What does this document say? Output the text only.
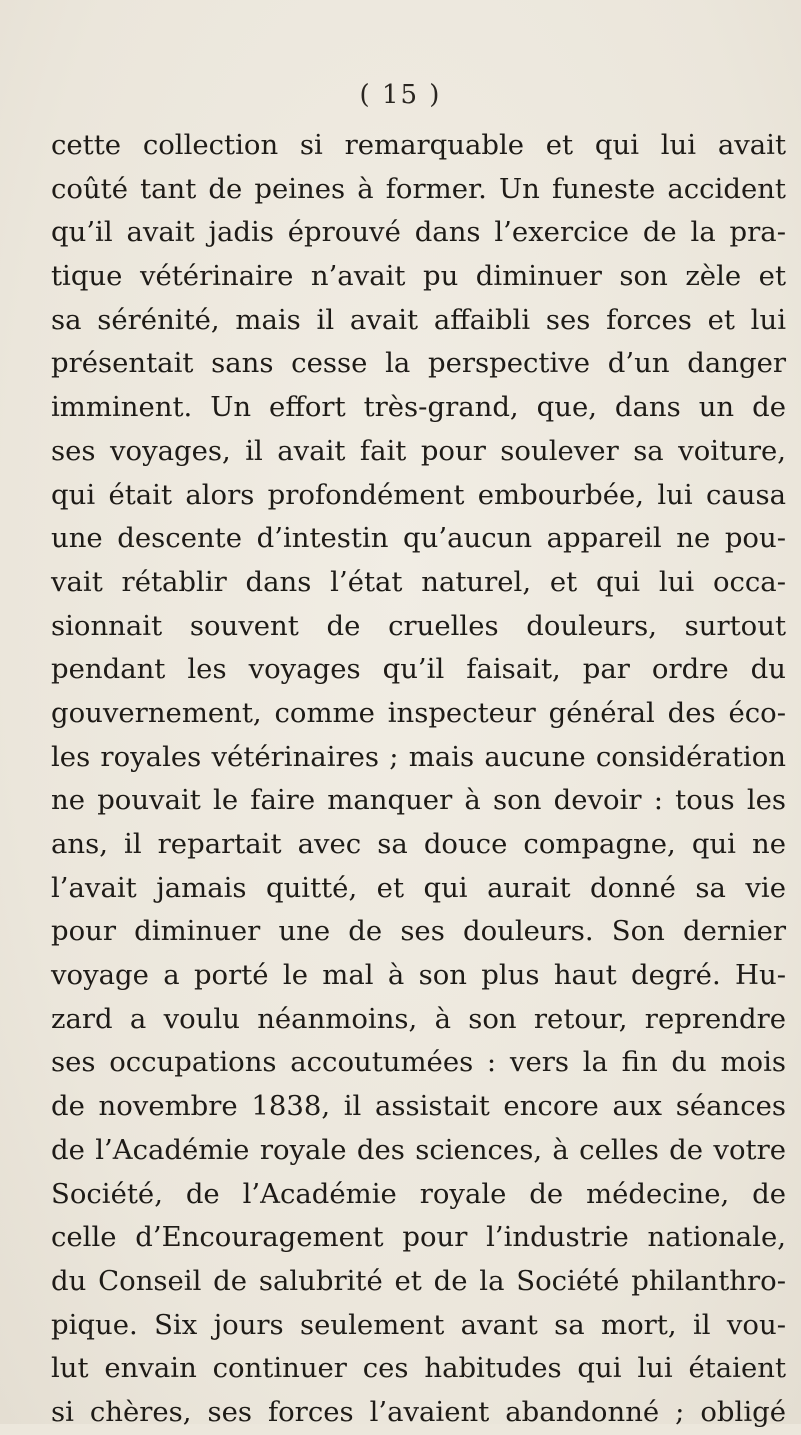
( 15 )
cette collection si remarquable et qui lui avait
coûté tant de peines à former. Un funeste accident
qu’il avait jadis éprouvé dans l’exercice de la pra-
tique vétérinaire n’avait pu diminuer son zèle et
sa sérénité, mais il avait affaibli ses forces et lui
présentait sans cesse la perspective d’un danger
imminent. Un effort très-grand, que, dans un de
ses voyages, il avait fait pour soulever sa voiture,
qui était alors profondément embourbée, lui causa
une descente d’intestin qu’aucun appareil ne pou-
vait rétablir dans l’état naturel, et qui lui occa-
sionnait souvent de cruelles douleurs, surtout
pendant les voyages qu’il faisait, par ordre du
gouvernement, comme inspecteur général des éco-
les royales vétérinaires ; mais aucune considération
ne pouvait le faire manquer à son devoir : tous les
ans, il repartait avec sa douce compagne, qui ne
l’avait jamais quitté, et qui aurait donné sa vie
pour diminuer une de ses douleurs. Son dernier
voyage a porté le mal à son plus haut degré. Hu-
zard a voulu néanmoins, à son retour, reprendre
ses occupations accoutumées : vers la fin du mois
de novembre 1838, il assistait encore aux séances
de l’Académie royale des sciences, à celles de votre
Société, de l’Académie royale de médecine, de
celle d’Encouragement pour l’industrie nationale,
du Conseil de salubrité et de la Société philanthro-
pique. Six jours seulement avant sa mort, il vou-
lut envain continuer ces habitudes qui lui étaient
si chères, ses forces l’avaient abandonné ; obligé
